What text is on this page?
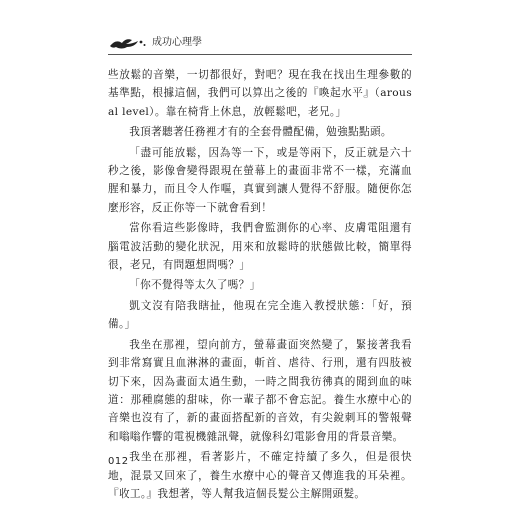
成功心理學

些放鬆的音樂，一切都很好，對吧？現在我在找出生理參數的基準點，根據這個，我們可以算出之後的『喚起水平』（arousal level）。靠在椅背上休息，放輕鬆吧，老兄。」

我頂著聽著任務裡才有的全套骨體配備，勉強點點頭。

「盡可能放鬆，因為等一下，或是等兩下，反正就是六十秒之後，影像會變得跟現在螢幕上的畫面非常不一樣，充滿血腥和暴力，而且令人作嘔，真實到讓人覺得不舒服。隨便你怎麼形容，反正你等一下就會看到！

當你看這些影像時，我們會監測你的心率、皮膚電阻還有腦電波活動的變化狀況，用來和放鬆時的狀態做比較，簡單得很，老兄，有問題想問嗎？」

「你不覺得等太久了嗎？」

凱文沒有陪我瞎扯，他現在完全進入教授狀態：「好，預備。」

我坐在那裡，望向前方，螢幕畫面突然變了，緊接著我看到非常寫實且血淋淋的畫面，斬首、虐待、行刑，還有四肢被切下來，因為畫面太過生動，一時之間我彷彿真的聞到血的味道：那種腐態的甜味，你一輩子都不會忘記。養生水療中心的音樂也沒有了，新的畫面搭配新的音效，有尖銳刺耳的警報聲和嗡嗡作響的電視機雜訊聲，就像科幻電影會用的背景音樂。

我坐在那裡，看著影片，不確定持續了多久，但是很快地，混景又回來了，養生水療中心的聲音又傳進我的耳朵裡。『收工。』我想著，等人幫我這個長髮公主解開頭髮。

012
